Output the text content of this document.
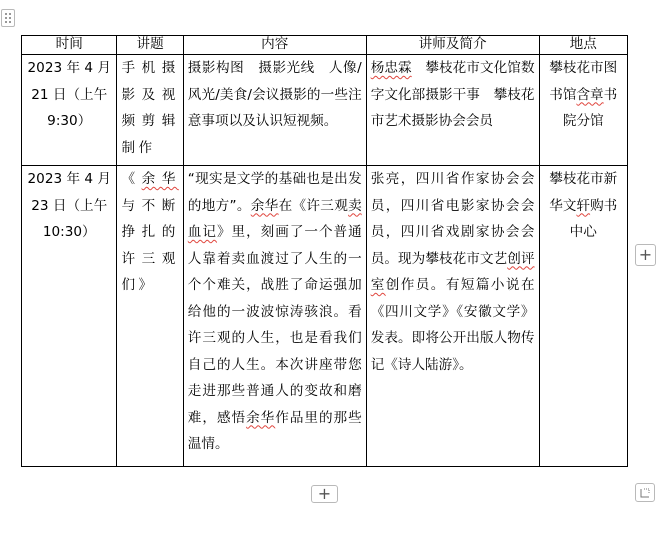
时间	讲题	内容	讲师及简介	地点
2023 年 4 月 21 日（上午 9:30）	手机摄影及视频剪辑制作	摄影构图　摄影光线　人像/风光/美食/会议摄影的一些注意事项以及认识短视频。	杨忠霖　攀枝花市文化馆数字文化部摄影干事　攀枝花市艺术摄影协会会员	攀枝花市图书馆含章书院分馆
2023 年 4 月 23 日（上午 10:30）	《余华与不断挣扎的许三观们》	“现实是文学的基础也是出发的地方”。余华在《许三观卖血记》里，刻画了一个普通人靠着卖血渡过了人生的一个个难关，战胜了命运强加给他的一波波惊涛骇浪。看许三观的人生，也是看我们自己的人生。本次讲座带您走进那些普通人的变故和磨难，感悟余华作品里的那些温情。	张亮，四川省作家协会会员，四川省电影家协会会员，四川省戏剧家协会会员。现为攀枝花市文艺创评室创作员。有短篇小说在《四川文学》《安徽文学》发表。即将公开出版人物传记《诗人陆游》。	攀枝花市新华文轩购书中心
+
+
